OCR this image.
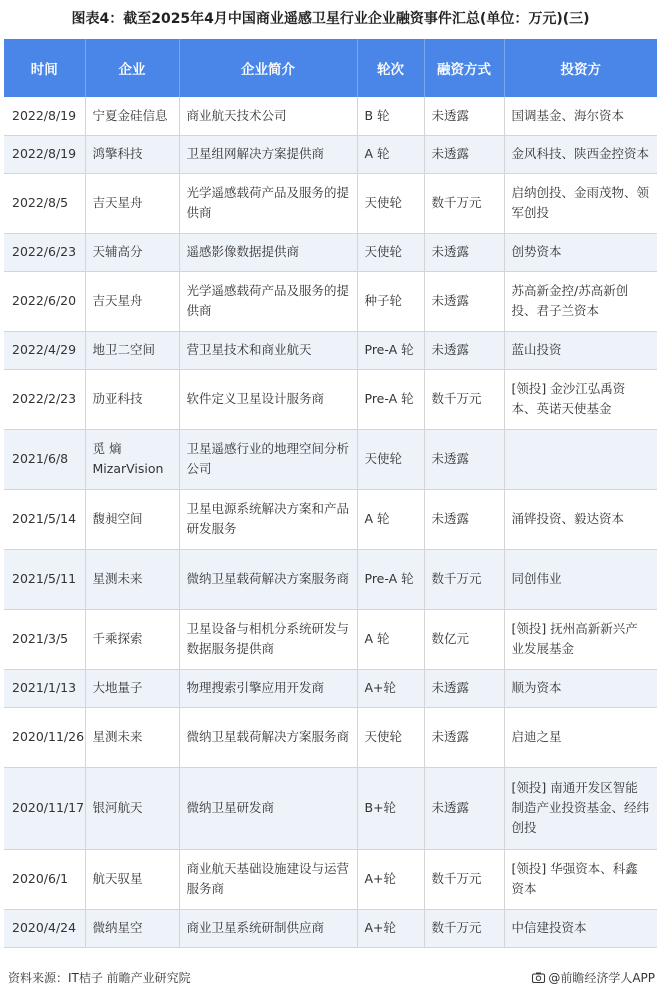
图表4：截至2025年4月中国商业遥感卫星行业企业融资事件汇总(单位：万元)(三)
时间	企业	企业简介	轮次	融资方式	投资方
2022/8/19	宁夏金硅信息	商业航天技术公司	B 轮	未透露	国调基金、海尔资本
2022/8/19	鸿擎科技	卫星组网解决方案提供商	A 轮	未透露	金风科技、陕西金控资本
2022/8/5	吉天星舟	光学遥感载荷产品及服务的提供商	天使轮	数千万元	启纳创投、金雨茂物、领军创投
2022/6/23	天辅高分	遥感影像数据提供商	天使轮	未透露	创势资本
2022/6/20	吉天星舟	光学遥感载荷产品及服务的提供商	种子轮	未透露	苏高新金控/苏高新创投、君子兰资本
2022/4/29	地卫二空间	营卫星技术和商业航天	Pre-A 轮	未透露	蓝山投资
2022/2/23	劢亚科技	软件定义卫星设计服务商	Pre-A 轮	数千万元	[领投] 金沙江弘禹资本、英诺天使基金
2021/6/8	觅 熵 MizarVision	卫星遥感行业的地理空间分析公司	天使轮	未透露	
2021/5/14	馥昶空间	卫星电源系统解决方案和产品研发服务	A 轮	未透露	涌铧投资、毅达资本
2021/5/11	星测未来	微纳卫星载荷解决方案服务商	Pre-A 轮	数千万元	同创伟业
2021/3/5	千乘探索	卫星设备与相机分系统研发与数据服务提供商	A 轮	数亿元	[领投] 抚州高新新兴产业发展基金
2021/1/13	大地量子	物理搜索引擎应用开发商	A+轮	未透露	顺为资本
2020/11/26	星测未来	微纳卫星载荷解决方案服务商	天使轮	未透露	启迪之星
2020/11/17	银河航天	微纳卫星研发商	B+轮	未透露	[领投] 南通开发区智能制造产业投资基金、经纬创投
2020/6/1	航天驭星	商业航天基础设施建设与运营服务商	A+轮	数千万元	[领投] 华强资本、科鑫资本
2020/4/24	微纳星空	商业卫星系统研制供应商	A+轮	数千万元	中信建投资本
资料来源：IT桔子 前瞻产业研究院	@前瞻经济学人APP
